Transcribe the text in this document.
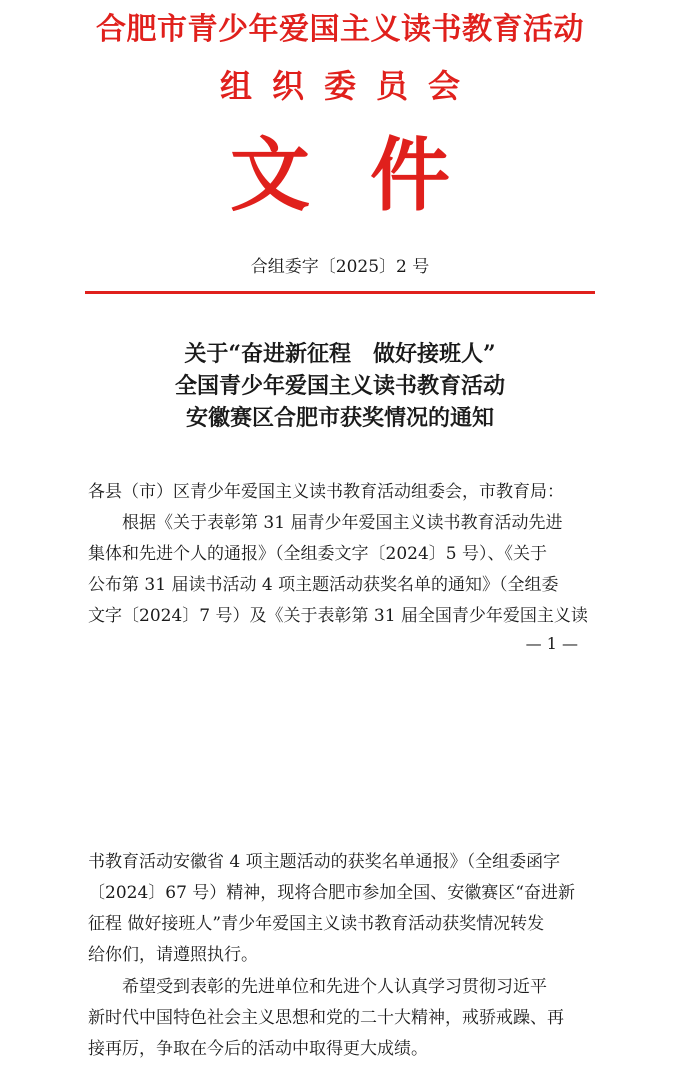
合肥市青少年爱国主义读书教育活动
组织委员会
文件
合组委字〔2025〕2 号
关于“奋进新征程　做好接班人”
全国青少年爱国主义读书教育活动
安徽赛区合肥市获奖情况的通知
各县（市）区青少年爱国主义读书教育活动组委会，市教育局：
根据《关于表彰第 31 届青少年爱国主义读书教育活动先进
集体和先进个人的通报》（全组委文字〔2024〕5 号）、《关于
公布第 31 届读书活动 4 项主题活动获奖名单的通知》（全组委
文字〔2024〕7 号）及《关于表彰第 31 届全国青少年爱国主义读
— 1 —
书教育活动安徽省 4 项主题活动的获奖名单通报》（全组委函字
〔2024〕67 号）精神，现将合肥市参加全国、安徽赛区“奋进新
征程 做好接班人”青少年爱国主义读书教育活动获奖情况转发
给你们，请遵照执行。
希望受到表彰的先进单位和先进个人认真学习贯彻习近平
新时代中国特色社会主义思想和党的二十大精神，戒骄戒躁、再
接再厉，争取在今后的活动中取得更大成绩。
